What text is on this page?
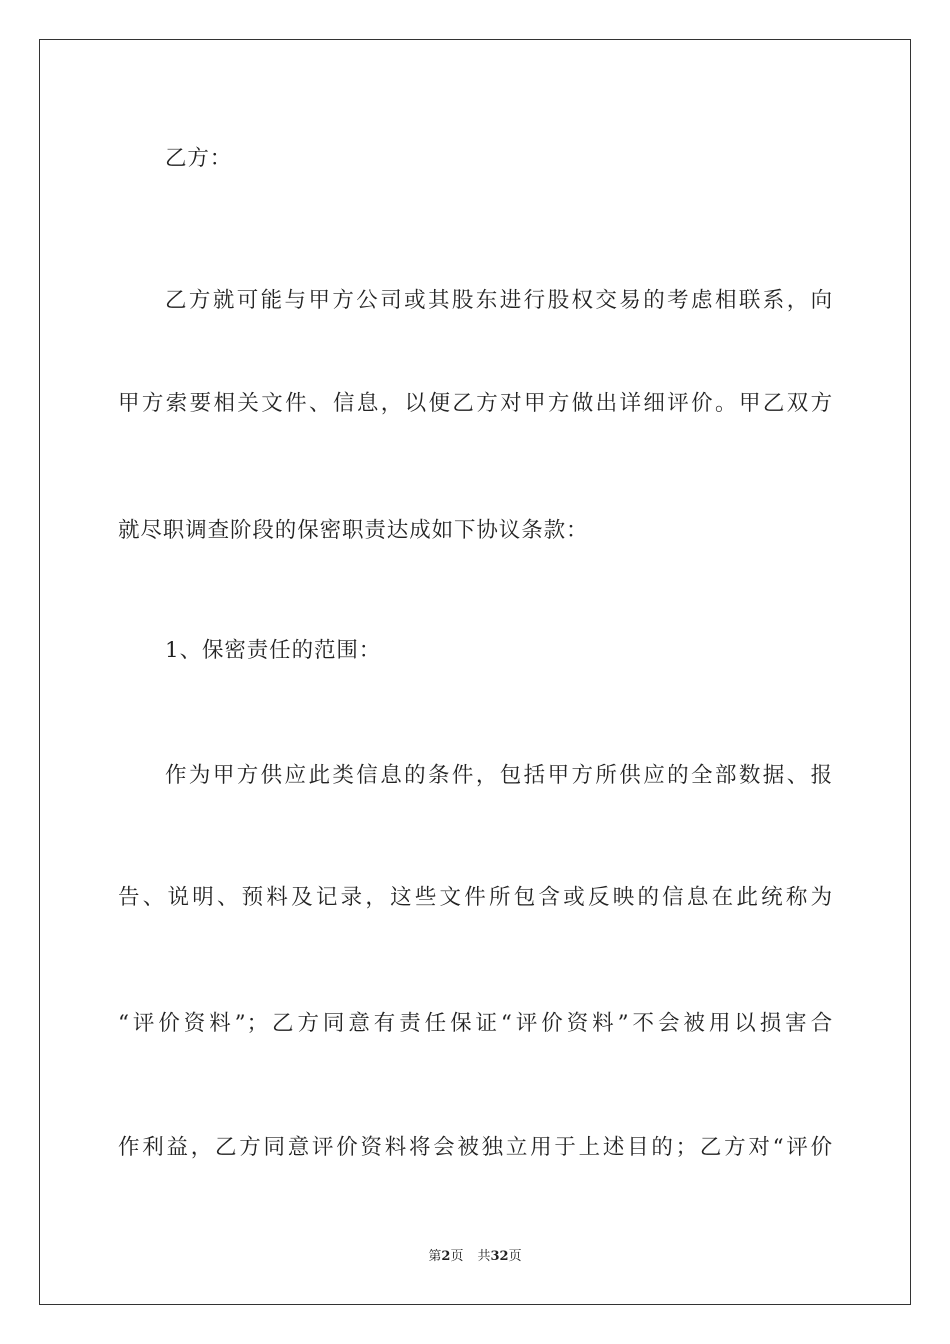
乙方：
乙方就可能与甲方公司或其股东进行股权交易的考虑相联系，向
甲方索要相关文件、信息，以便乙方对甲方做出详细评价。甲乙双方
就尽职调查阶段的保密职责达成如下协议条款：
1、保密责任的范围：
作为甲方供应此类信息的条件，包括甲方所供应的全部数据、报
告、说明、预料及记录，这些文件所包含或反映的信息在此统称为
“评价资料”；乙方同意有责任保证“评价资料”不会被用以损害合
作利益，乙方同意评价资料将会被独立用于上述目的；乙方对“评价
第2页 共32页
